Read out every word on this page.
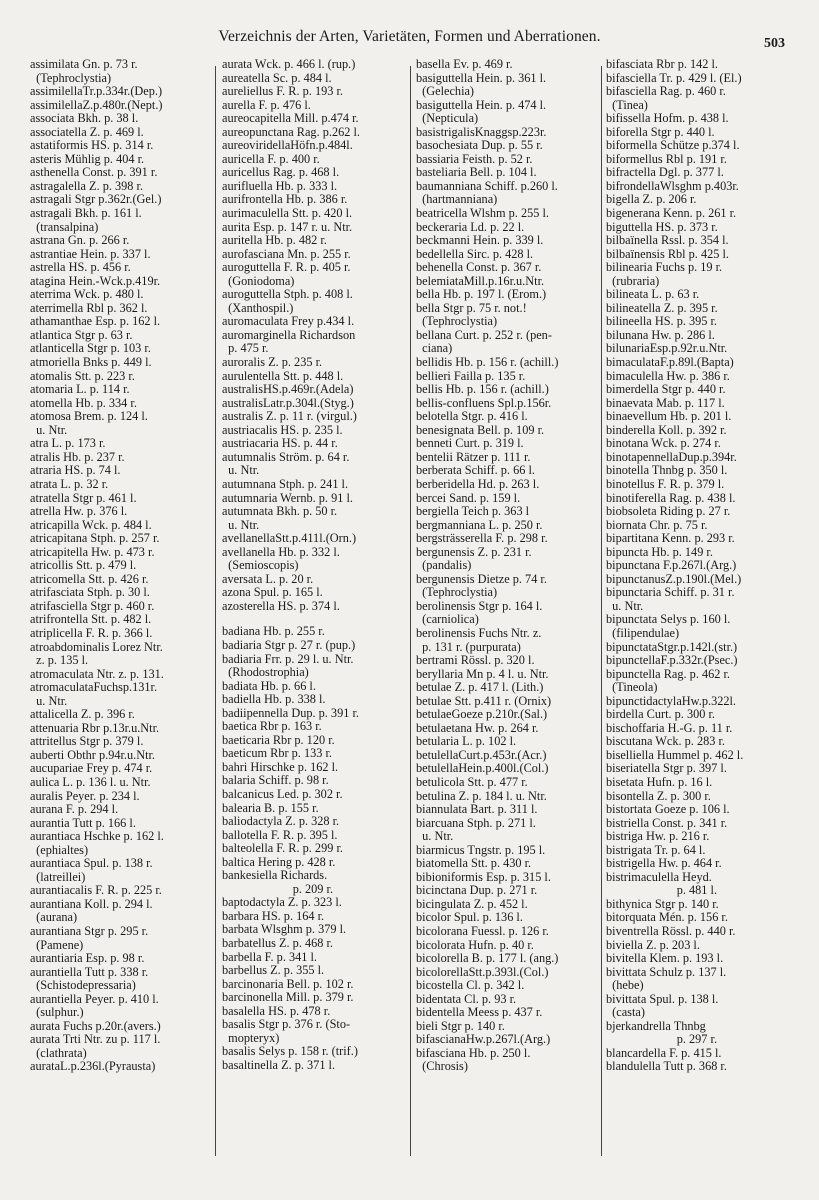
Verzeichnis der Arten, Varietäten, Formen und Aberrationen.	503
assimilata Gn. p. 73 r.
(Tephroclystia)
assimilellaTr.p.334r.(Dep.)
assimilellaZ.p.480r.(Nept.)
associata Bkh. p. 38 l.
associatella Z. p. 469 l.
astatiformis HS. p. 314 r.
asteris Mühlig p. 404 r.
asthenella Const. p. 391 r.
astragalella Z. p. 398 r.
astragali Stgr p.362r.(Gel.)
astragali Bkh. p. 161 l.
(transalpina)
astrana Gn. p. 266 r.
astrantiae Hein. p. 337 l.
astrella HS. p. 456 r.
atagina Hein.-Wck.p.419r.
aterrima Wck. p. 480 l.
aterrimella Rbl p. 362 l.
athamanthae Esp. p. 162 l.
atlantica Stgr p. 63 r.
atlanticella Stgr p. 103 r.
atmoriella Bnks p. 449 l.
atomalis Stt. p. 223 r.
atomaria L. p. 114 r.
atomella Hb. p. 334 r.
atomosa Brem. p. 124 l.
u. Ntr.
atra L. p. 173 r.
atralis Hb. p. 237 r.
atraria HS. p. 74 l.
atrata L. p. 32 r.
atratella Stgr p. 461 l.
atrella Hw. p. 376 l.
atricapilla Wck. p. 484 l.
atricapitana Stph. p. 257 r.
atricapitella Hw. p. 473 r.
atricollis Stt. p. 479 l.
atricomella Stt. p. 426 r.
atrifasciata Stph. p. 30 l.
atrifasciella Stgr p. 460 r.
atrifrontella Stt. p. 482 l.
atriplicella F. R. p. 366 l.
atroabdominalis Lorez Ntr.
z. p. 135 l.
atromaculata Ntr. z. p. 131.
atromaculataFuchsp.131r.
u. Ntr.
attalicella Z. p. 396 r.
attenuaria Rbr p.13r.u.Ntr.
attritellus Stgr p. 379 l.
auberti Obthr p.94r.u.Ntr.
aucupariae Frey p. 474 r.
aulica L. p. 136 l. u. Ntr.
auralis Peyer. p. 234 l.
aurana F. p. 294 l.
aurantia Tutt p. 166 l.
aurantiaca Hschke p. 162 l.
(ephialtes)
aurantiaca Spul. p. 138 r.
(latreillei)
aurantiacalis F. R. p. 225 r.
aurantiana Koll. p. 294 l.
(aurana)
aurantiana Stgr p. 295 r.
(Pamene)
aurantiaria Esp. p. 98 r.
aurantiella Tutt p. 338 r.
(Schistodepressaria)
aurantiella Peyer. p. 410 l.
(sulphur.)
aurata Fuchs p.20r.(avers.)
aurata Trti Ntr. zu p. 117 l.
(clathrata)
aurataL.p.236l.(Pyrausta)
aurata Wck. p. 466 l. (rup.)
aureatella Sc. p. 484 l.
aureliellus F. R. p. 193 r.
aurella F. p. 476 l.
aureocapitella Mill. p.474 r.
aureopunctana Rag. p.262 l.
aureoviridellaHöfn.p.484l.
auricella F. p. 400 r.
auricellus Rag. p. 468 l.
aurifluella Hb. p. 333 l.
aurifrontella Hb. p. 386 r.
aurimaculella Stt. p. 420 l.
aurita Esp. p. 147 r. u. Ntr.
auritella Hb. p. 482 r.
aurofasciana Mn. p. 255 r.
auroguttella F. R. p. 405 r.
(Goniodoma)
auroguttella Stph. p. 408 l.
(Xanthospil.)
auromaculata Frey p.434 l.
auromarginella Richardson
p. 475 r.
auroralis Z. p. 235 r.
aurulentella Stt. p. 448 l.
australisHS.p.469r.(Adela)
australisLatr.p.304l.(Styg.)
australis Z. p. 11 r. (virgul.)
austriacalis HS. p. 235 l.
austriacaria HS. p. 44 r.
autumnalis Ström. p. 64 r.
u. Ntr.
autumnana Stph. p. 241 l.
autumnaria Wernb. p. 91 l.
autumnata Bkh. p. 50 r.
u. Ntr.
avellanellaStt.p.411l.(Orn.)
avellanella Hb. p. 332 l.
(Semioscopis)
aversata L. p. 20 r.
azona Spul. p. 165 l.
azosterella HS. p. 374 l.
badiana Hb. p. 255 r.
badiaria Stgr p. 27 r. (pup.)
badiaria Frr. p. 29 l. u. Ntr.
(Rhodostrophia)
badiata Hb. p. 66 l.
badiella Hb. p. 338 l.
badiipennella Dup. p. 391 r.
baetica Rbr p. 163 r.
baeticaria Rbr p. 120 r.
baeticum Rbr p. 133 r.
bahri Hirschke p. 162 l.
balaria Schiff. p. 98 r.
balcanicus Led. p. 302 r.
balearia B. p. 155 r.
baliodactyla Z. p. 328 r.
ballotella F. R. p. 395 l.
balteolella F. R. p. 299 r.
baltica Hering p. 428 r.
bankesiella Richards.
p. 209 r.
baptodactyla Z. p. 323 l.
barbara HS. p. 164 r.
barbata Wlsghm p. 379 l.
barbatellus Z. p. 468 r.
barbella F. p. 341 l.
barbellus Z. p. 355 l.
barcinonaria Bell. p. 102 r.
barcinonella Mill. p. 379 r.
basalella HS. p. 478 r.
basalis Stgr p. 376 r. (Sto-
mopteryx)
basalis Selys p. 158 r. (trif.)
basaltinella Z. p. 371 l.
basella Ev. p. 469 r.
basiguttella Hein. p. 361 l.
(Gelechia)
basiguttella Hein. p. 474 l.
(Nepticula)
basistrigalisKnaggsp.223r.
basochesiata Dup. p. 55 r.
bassiaria Feisth. p. 52 r.
basteliaria Bell. p. 104 l.
baumanniana Schiff. p.260 l.
(hartmanniana)
beatricella Wlshm p. 255 l.
beckeraria Ld. p. 22 l.
beckmanni Hein. p. 339 l.
bedellella Sirc. p. 428 l.
behenella Const. p. 367 r.
belemiataMill.p.16r.u.Ntr.
bella Hb. p. 197 l. (Erom.)
bella Stgr p. 75 r. not.!
(Tephroclystia)
bellana Curt. p. 252 r. (pen-
ciana)
bellidis Hb. p. 156 r. (achill.)
bellieri Failla p. 135 r.
bellis Hb. p. 156 r. (achill.)
bellis-confluens Spl.p.156r.
belotella Stgr. p. 416 l.
benesignata Bell. p. 109 r.
benneti Curt. p. 319 l.
bentelii Rätzer p. 111 r.
berberata Schiff. p. 66 l.
berberidella Hd. p. 263 l.
bercei Sand. p. 159 l.
bergiella Teich p. 363 l
bergmanniana L. p. 250 r.
bergsträsserella F. p. 298 r.
bergunensis Z. p. 231 r.
(pandalis)
bergunensis Dietze p. 74 r.
(Tephroclystia)
berolinensis Stgr p. 164 l.
(carniolica)
berolinensis Fuchs Ntr. z.
p. 131 r. (purpurata)
bertrami Rössl. p. 320 l.
beryllaria Mn p. 4 l. u. Ntr.
betulae Z. p. 417 l. (Lith.)
betulae Stt. p.411 r. (Ornix)
betulaeGoeze p.210r.(Sal.)
betulaetana Hw. p. 264 r.
betularia L. p. 102 l.
betulellaCurt.p.453r.(Acr.)
betulellaHein.p.400l.(Col.)
betulicola Stt. p. 477 r.
betulina Z. p. 184 l. u. Ntr.
biannulata Bart. p. 311 l.
biarcuana Stph. p. 271 l.
u. Ntr.
biarmicus Tngstr. p. 195 l.
biatomella Stt. p. 430 r.
bibioniformis Esp. p. 315 l.
bicinctana Dup. p. 271 r.
bicingulata Z. p. 452 l.
bicolor Spul. p. 136 l.
bicolorana Fuessl. p. 126 r.
bicolorata Hufn. p. 40 r.
bicolorella B. p. 177 l. (ang.)
bicolorellaStt.p.393l.(Col.)
bicostella Cl. p. 342 l.
bidentata Cl. p. 93 r.
bidentella Meess p. 437 r.
bieli Stgr p. 140 r.
bifascianaHw.p.267l.(Arg.)
bifasciana Hb. p. 250 l.
(Chrosis)
bifasciata Rbr p. 142 l.
bifasciella Tr. p. 429 l. (El.)
bifasciella Rag. p. 460 r.
(Tinea)
bifissella Hofm. p. 438 l.
biforella Stgr p. 440 l.
biformella Schütze p.374 l.
biformellus Rbl p. 191 r.
bifractella Dgl. p. 377 l.
bifrondellaWlsghm p.403r.
bigella Z. p. 206 r.
bigenerana Kenn. p. 261 r.
biguttella HS. p. 373 r.
bilbaïnella Rssl. p. 354 l.
bilbaïnensis Rbl p. 425 l.
bilinearia Fuchs p. 19 r.
(rubraria)
bilineata L. p. 63 r.
bilineatella Z. p. 395 r.
bilineella HS. p. 395 r.
bilunana Hw. p. 286 l.
bilunariaEsp.p.92r.u.Ntr.
bimaculataF.p.89l.(Bapta)
bimaculella Hw. p. 386 r.
bimerdella Stgr p. 440 r.
binaevata Mab. p. 117 l.
binaevellum Hb. p. 201 l.
binderella Koll. p. 392 r.
binotana Wck. p. 274 r.
binotapennellaDup.p.394r.
binotella Thnbg p. 350 l.
binotellus F. R. p. 379 l.
binotiferella Rag. p. 438 l.
biobsoleta Riding p. 27 r.
biornata Chr. p. 75 r.
bipartitana Kenn. p. 293 r.
bipuncta Hb. p. 149 r.
bipunctana F.p.267l.(Arg.)
bipunctanusZ.p.190l.(Mel.)
bipunctaria Schiff. p. 31 r.
u. Ntr.
bipunctata Selys p. 160 l.
(filipendulae)
bipunctataStgr.p.142l.(str.)
bipunctellaF.p.332r.(Psec.)
bipunctella Rag. p. 462 r.
(Tineola)
bipunctidactylaHw.p.322l.
birdella Curt. p. 300 r.
bischoffaria H.-G. p. 11 r.
biscutana Wck. p. 283 r.
biselliella Hummel p. 462 l.
biseriatella Stgr p. 397 l.
bisetata Hufn. p. 16 l.
bisontella Z. p. 300 r.
bistortata Goeze p. 106 l.
bistriella Const. p. 341 r.
bistriga Hw. p. 216 r.
bistrigata Tr. p. 64 l.
bistrigella Hw. p. 464 r.
bistrimaculella Heyd.
p. 481 l.
bithynica Stgr p. 140 r.
bitorquata Mén. p. 156 r.
biventrella Rössl. p. 440 r.
biviella Z. p. 203 l.
bivitella Klem. p. 193 l.
bivittata Schulz p. 137 l.
(hebe)
bivittata Spul. p. 138 l.
(casta)
bjerkandrella Thnbg
p. 297 r.
blancardella F. p. 415 l.
blandulella Tutt p. 368 r.
